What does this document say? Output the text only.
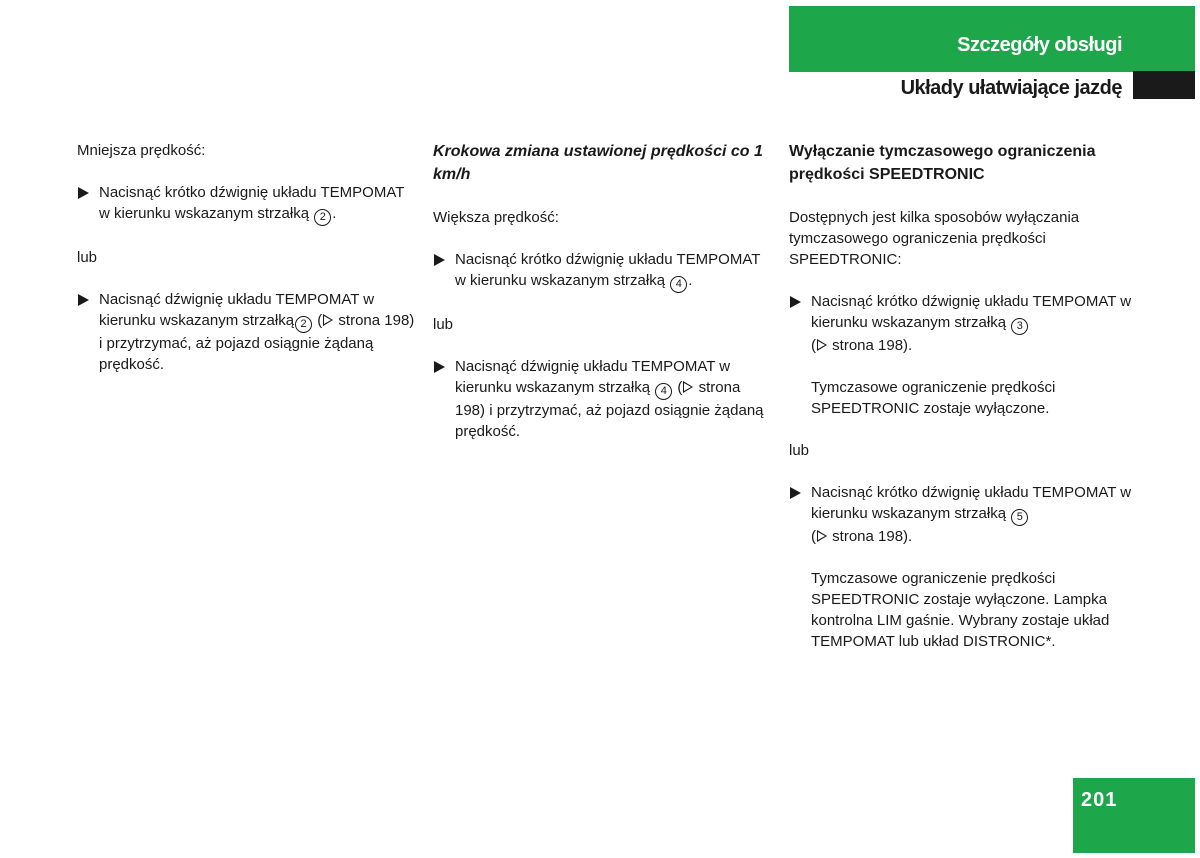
Szczegóły obsługi
Układy ułatwiające jazdę

Mniejsza prędkość:

Nacisnąć krótko dźwignię układu TEMPOMAT w kierunku wskazanym strzałką 2 .

lub

Nacisnąć dźwignię układu TEMPOMAT w kierunku wskazanym strzałką 2 ( strona 198) i przytrzymać, aż pojazd osiągnie żądaną prędkość.

Krokowa zmiana ustawionej prędkości co 1 km/h

Większa prędkość:

Nacisnąć krótko dźwignię układu TEMPOMAT w kierunku wskazanym strzałką 4 .

lub

Nacisnąć dźwignię układu TEMPOMAT w kierunku wskazanym strzałką 4 ( strona 198) i przytrzymać, aż pojazd osiągnie żądaną prędkość.

Wyłączanie tymczasowego ograniczenia prędkości SPEEDTRONIC

Dostępnych jest kilka sposobów wyłączania tymczasowego ograniczenia prędkości SPEEDTRONIC:

Nacisnąć krótko dźwignię układu TEMPOMAT w kierunku wskazanym strzałką 3
( strona 198).

Tymczasowe ograniczenie prędkości SPEEDTRONIC zostaje wyłączone.

lub

Nacisnąć krótko dźwignię układu TEMPOMAT w kierunku wskazanym strzałką 5
( strona 198).

Tymczasowe ograniczenie prędkości SPEEDTRONIC zostaje wyłączone. Lampka kontrolna LIM gaśnie. Wybrany zostaje układ TEMPOMAT lub układ DISTRONIC*.

201
